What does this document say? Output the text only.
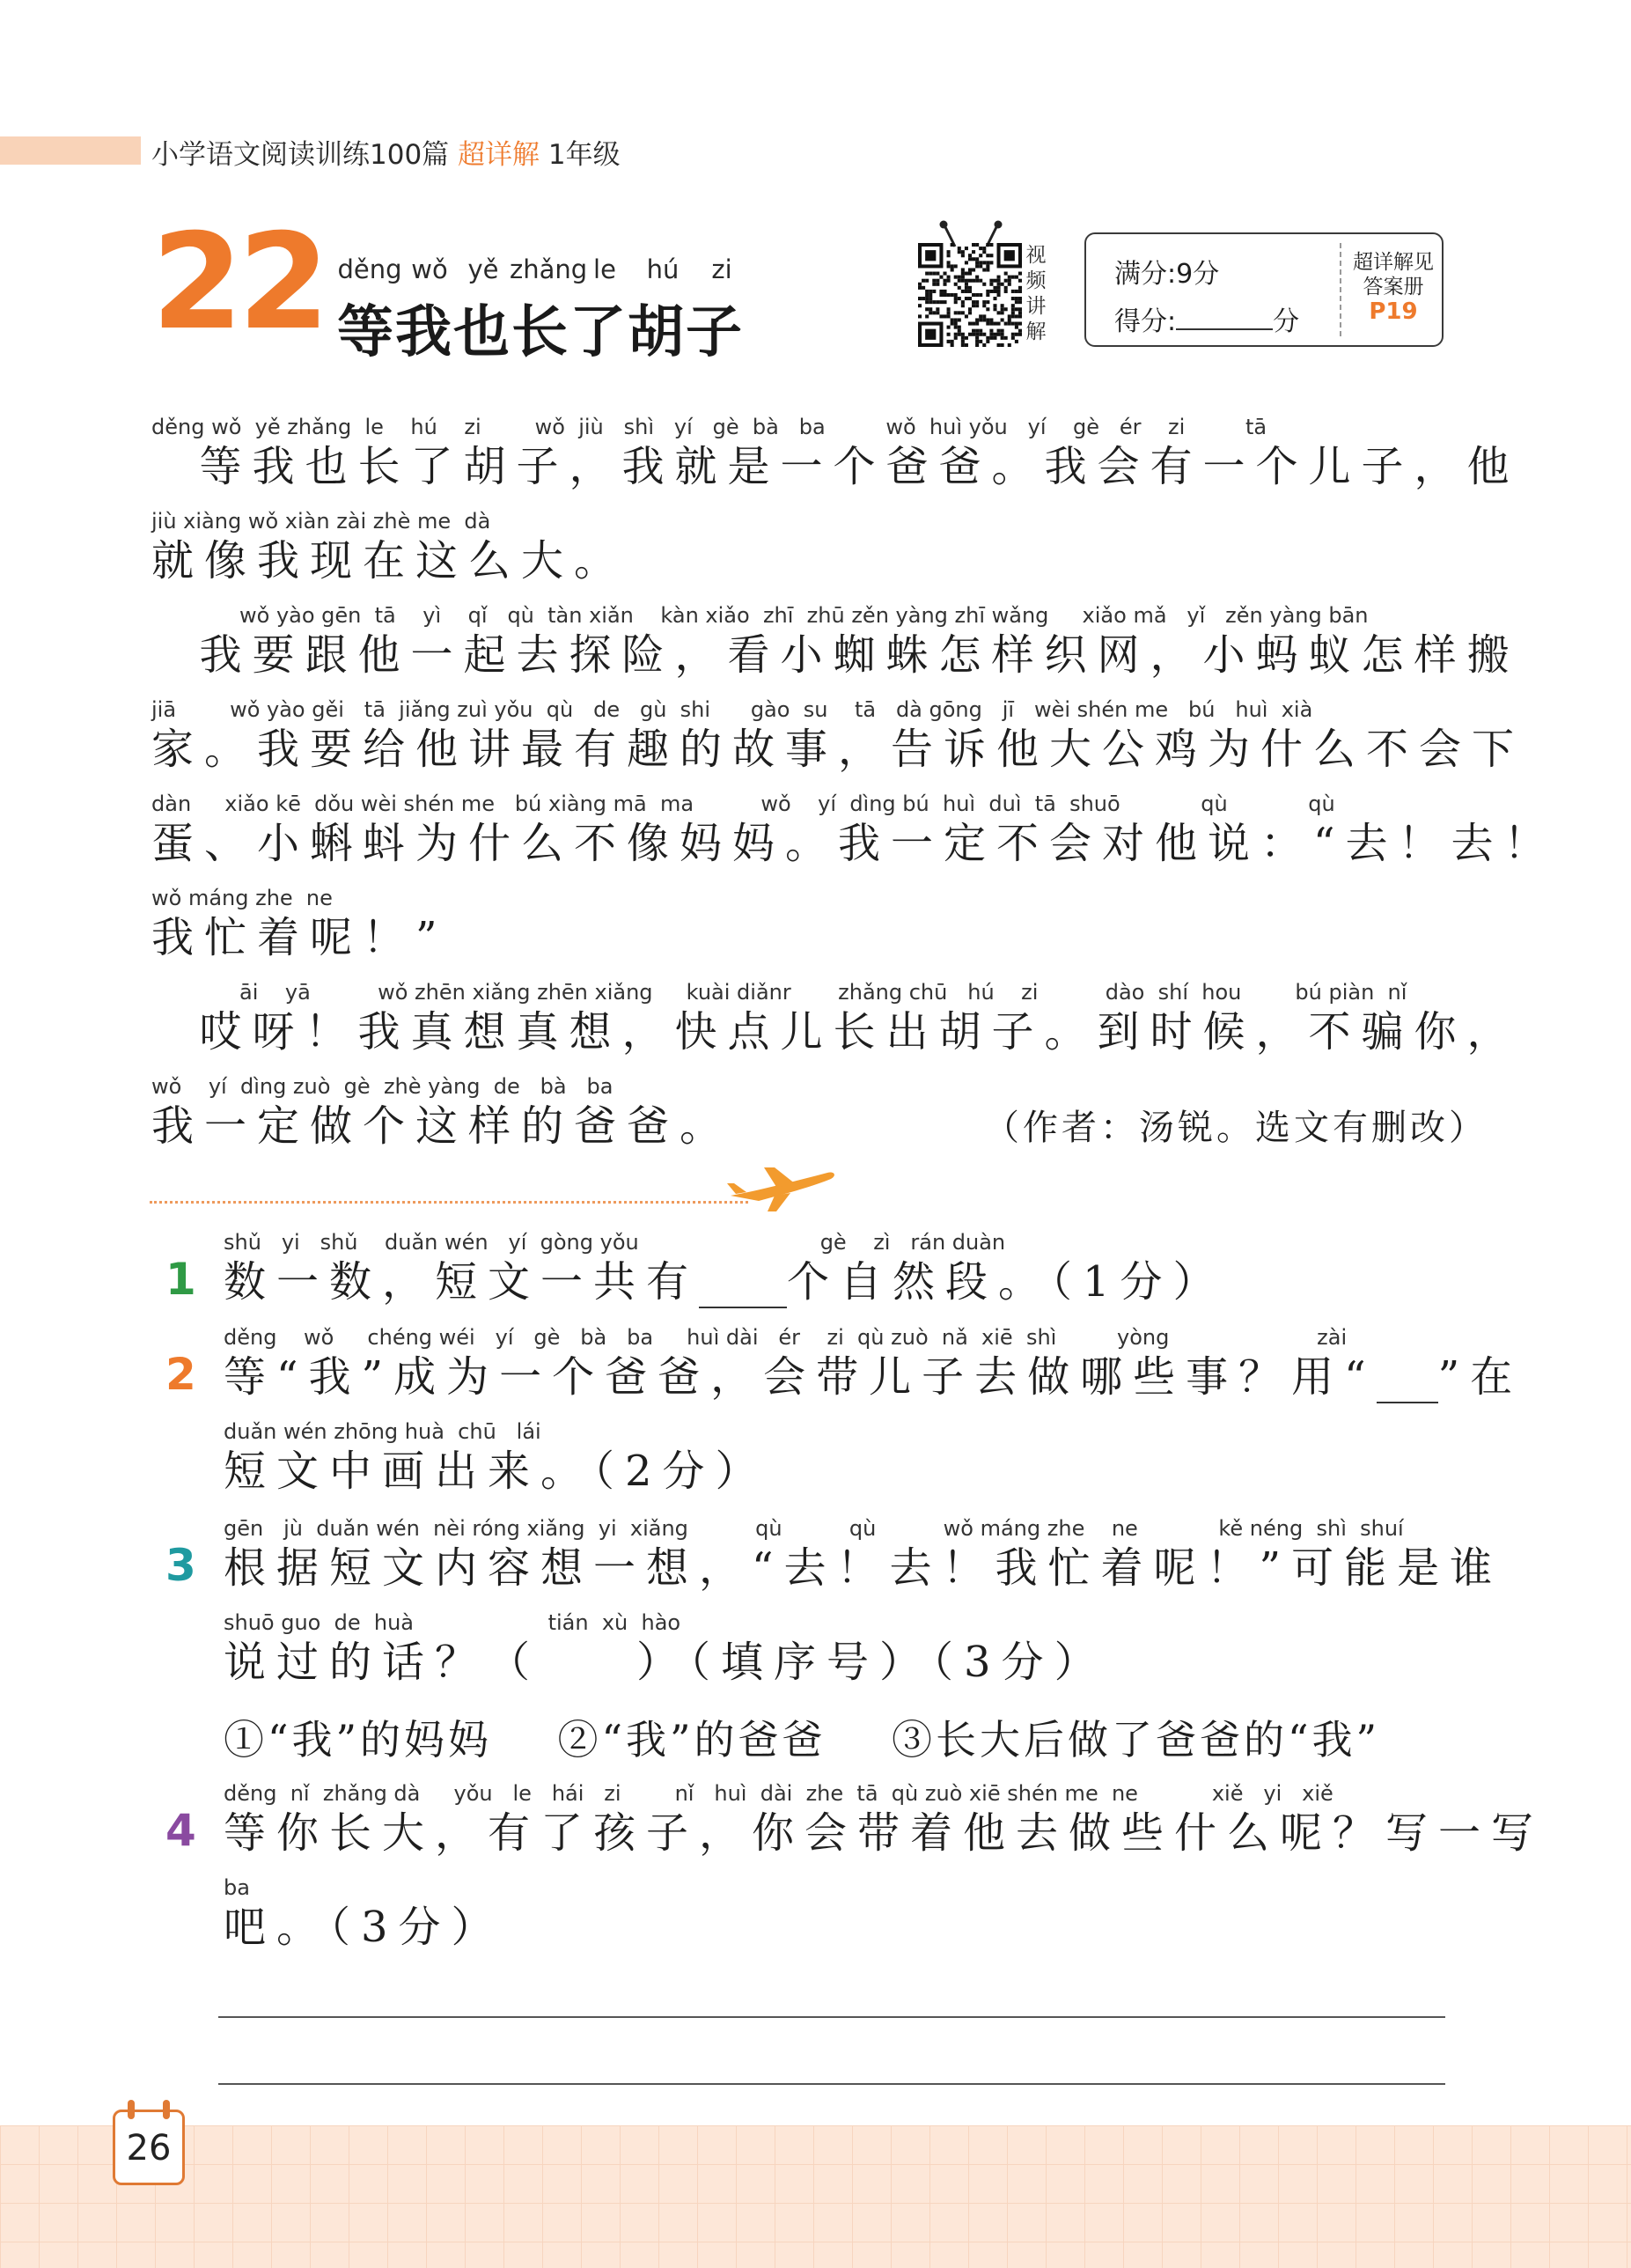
小学语文阅读训练100篇 超详解 1年级
22 děng wǒ yě zhǎng le hú zi
等我也长了胡子
视
频
讲
解
满分:9分
得分:	分
超详解见
答案册
P19
děng wǒ  yě zhǎng  le    hú    zi        wǒ  jiù   shì   yí   gè  bà   ba         wǒ  huì yǒu   yí    gè   ér    zi         tā
等我也长了胡子，我就是一个爸爸。我会有一个儿子，他
jiù xiàng wǒ xiàn zài zhè me  dà
就像我现在这么大。
wǒ yào gēn  tā    yì    qǐ   qù  tàn xiǎn    kàn xiǎo  zhī  zhū zěn yàng zhī wǎng     xiǎo mǎ   yǐ   zěn yàng bān
我要跟他一起去探险，看小蜘蛛怎样织网，小蚂蚁怎样搬
jiā        wǒ yào gěi   tā  jiǎng zuì yǒu  qù   de   gù  shi      gào  su    tā   dà gōng   jī   wèi shén me   bú   huì  xià
家。我要给他讲最有趣的故事，告诉他大公鸡为什么不会下
dàn     xiǎo kē  dǒu wèi shén me   bú xiàng mā  ma          wǒ    yí  dìng bú  huì  duì  tā  shuō            qù            qù
蛋、小蝌蚪为什么不像妈妈。我一定不会对他说：“去！去！
wǒ máng zhe  ne
我忙着呢！”
āi    yā          wǒ zhēn xiǎng zhēn xiǎng     kuài diǎnr       zhǎng chū   hú    zi          dào  shí  hou        bú piàn  nǐ
哎呀！我真想真想，快点儿长出胡子。到时候，不骗你，
wǒ    yí  dìng zuò  gè  zhè yàng  de   bà   ba
我一定做个这样的爸爸。	（作者：汤锐。选文有删改）
1
shǔ   yi   shǔ    duǎn wén   yí  gòng yǒu                           gè    zì   rán duàn
数一数，短文一共有 个自然段。（1分）
2
děng    wǒ     chéng wéi   yí   gè   bà   ba     huì dài   ér    zi  qù zuò  nǎ  xiē  shì         yòng                      zài
等“我”成为一个爸爸，会带儿子去做哪些事？用“ ”在
duǎn wén zhōng huà  chū   lái
短文中画出来。（2分）
3
gēn   jù  duǎn wén  nèi róng xiǎng  yi  xiǎng          qù          qù          wǒ máng zhe    ne            kě néng  shì  shuí
根据短文内容想一想，“去！去！我忙着呢！”可能是谁
shuō guo  de  huà                    tián  xù  hào
说过的话？（    ）（填序号）（3分）
①“我”的妈妈    ②“我”的爸爸    ③长大后做了爸爸的“我”
4
děng  nǐ  zhǎng dà     yǒu   le   hái   zi        nǐ   huì  dài  zhe  tā  qù zuò xiē shén me  ne           xiě   yi   xiě
等你长大，有了孩子，你会带着他去做些什么呢？写一写
ba
吧。（3分）
26
